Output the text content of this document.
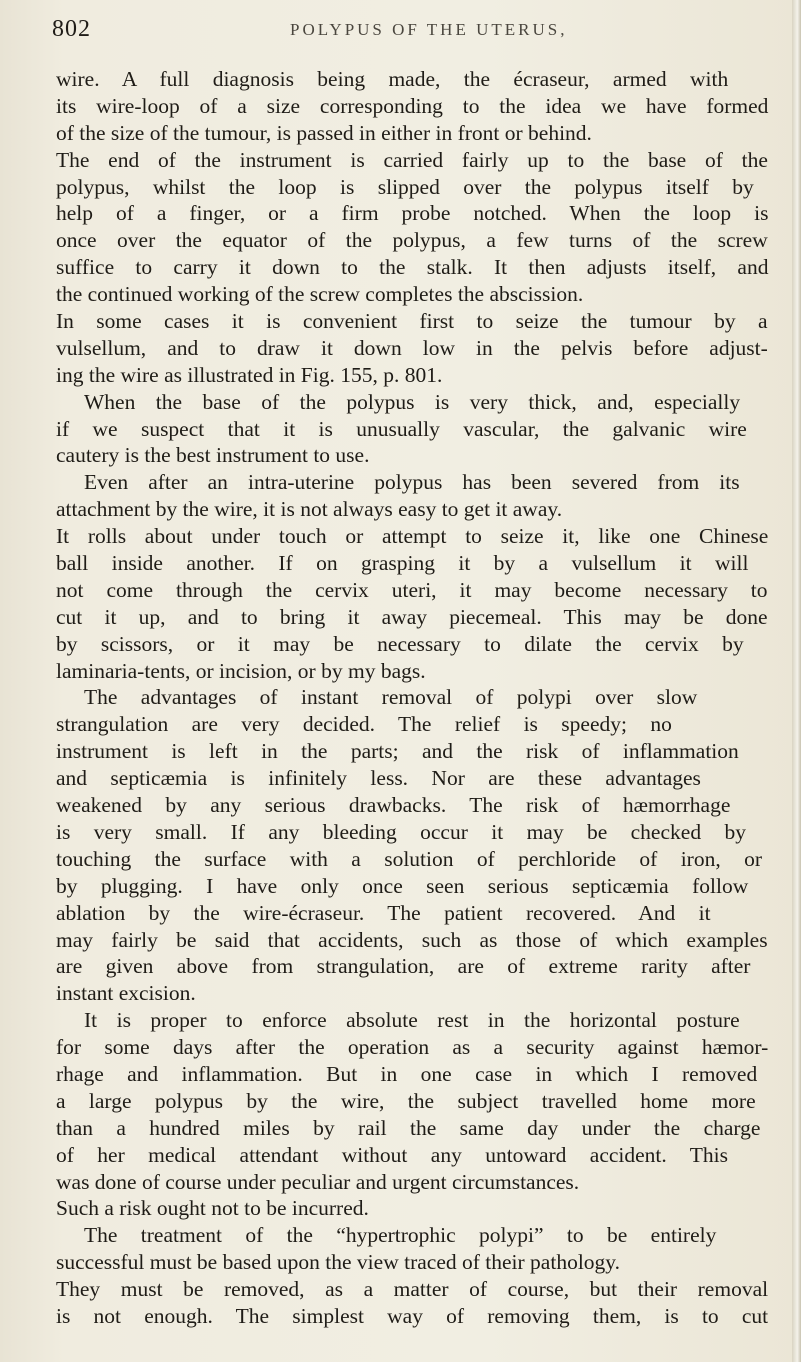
802	POLYPUS OF THE UTERUS,
wire. A full diagnosis being made, the écraseur, armed with
its wire-loop of a size corresponding to the idea we have formed
of the size of the tumour, is passed in either in front or behind.
The end of the instrument is carried fairly up to the base of the
polypus, whilst the loop is slipped over the polypus itself by
help of a finger, or a firm probe notched. When the loop is
once over the equator of the polypus, a few turns of the screw
suffice to carry it down to the stalk. It then adjusts itself, and
the continued working of the screw completes the abscission.
In some cases it is convenient first to seize the tumour by a
vulsellum, and to draw it down low in the pelvis before adjust-
ing the wire as illustrated in Fig. 155, p. 801.
When the base of the polypus is very thick, and, especially
if we suspect that it is unusually vascular, the galvanic wire
cautery is the best instrument to use.
Even after an intra-uterine polypus has been severed from its
attachment by the wire, it is not always easy to get it away.
It rolls about under touch or attempt to seize it, like one Chinese
ball inside another. If on grasping it by a vulsellum it will
not come through the cervix uteri, it may become necessary to
cut it up, and to bring it away piecemeal. This may be done
by scissors, or it may be necessary to dilate the cervix by
laminaria-tents, or incision, or by my bags.
The advantages of instant removal of polypi over slow
strangulation are very decided. The relief is speedy; no
instrument is left in the parts; and the risk of inflammation
and septicæmia is infinitely less. Nor are these advantages
weakened by any serious drawbacks. The risk of hæmorrhage
is very small. If any bleeding occur it may be checked by
touching the surface with a solution of perchloride of iron, or
by plugging. I have only once seen serious septicæmia follow
ablation by the wire-écraseur. The patient recovered. And it
may fairly be said that accidents, such as those of which examples
are given above from strangulation, are of extreme rarity after
instant excision.
It is proper to enforce absolute rest in the horizontal posture
for some days after the operation as a security against hæmor-
rhage and inflammation. But in one case in which I removed
a large polypus by the wire, the subject travelled home more
than a hundred miles by rail the same day under the charge
of her medical attendant without any untoward accident. This
was done of course under peculiar and urgent circumstances.
Such a risk ought not to be incurred.
The treatment of the “hypertrophic polypi” to be entirely
successful must be based upon the view traced of their pathology.
They must be removed, as a matter of course, but their removal
is not enough. The simplest way of removing them, is to cut
